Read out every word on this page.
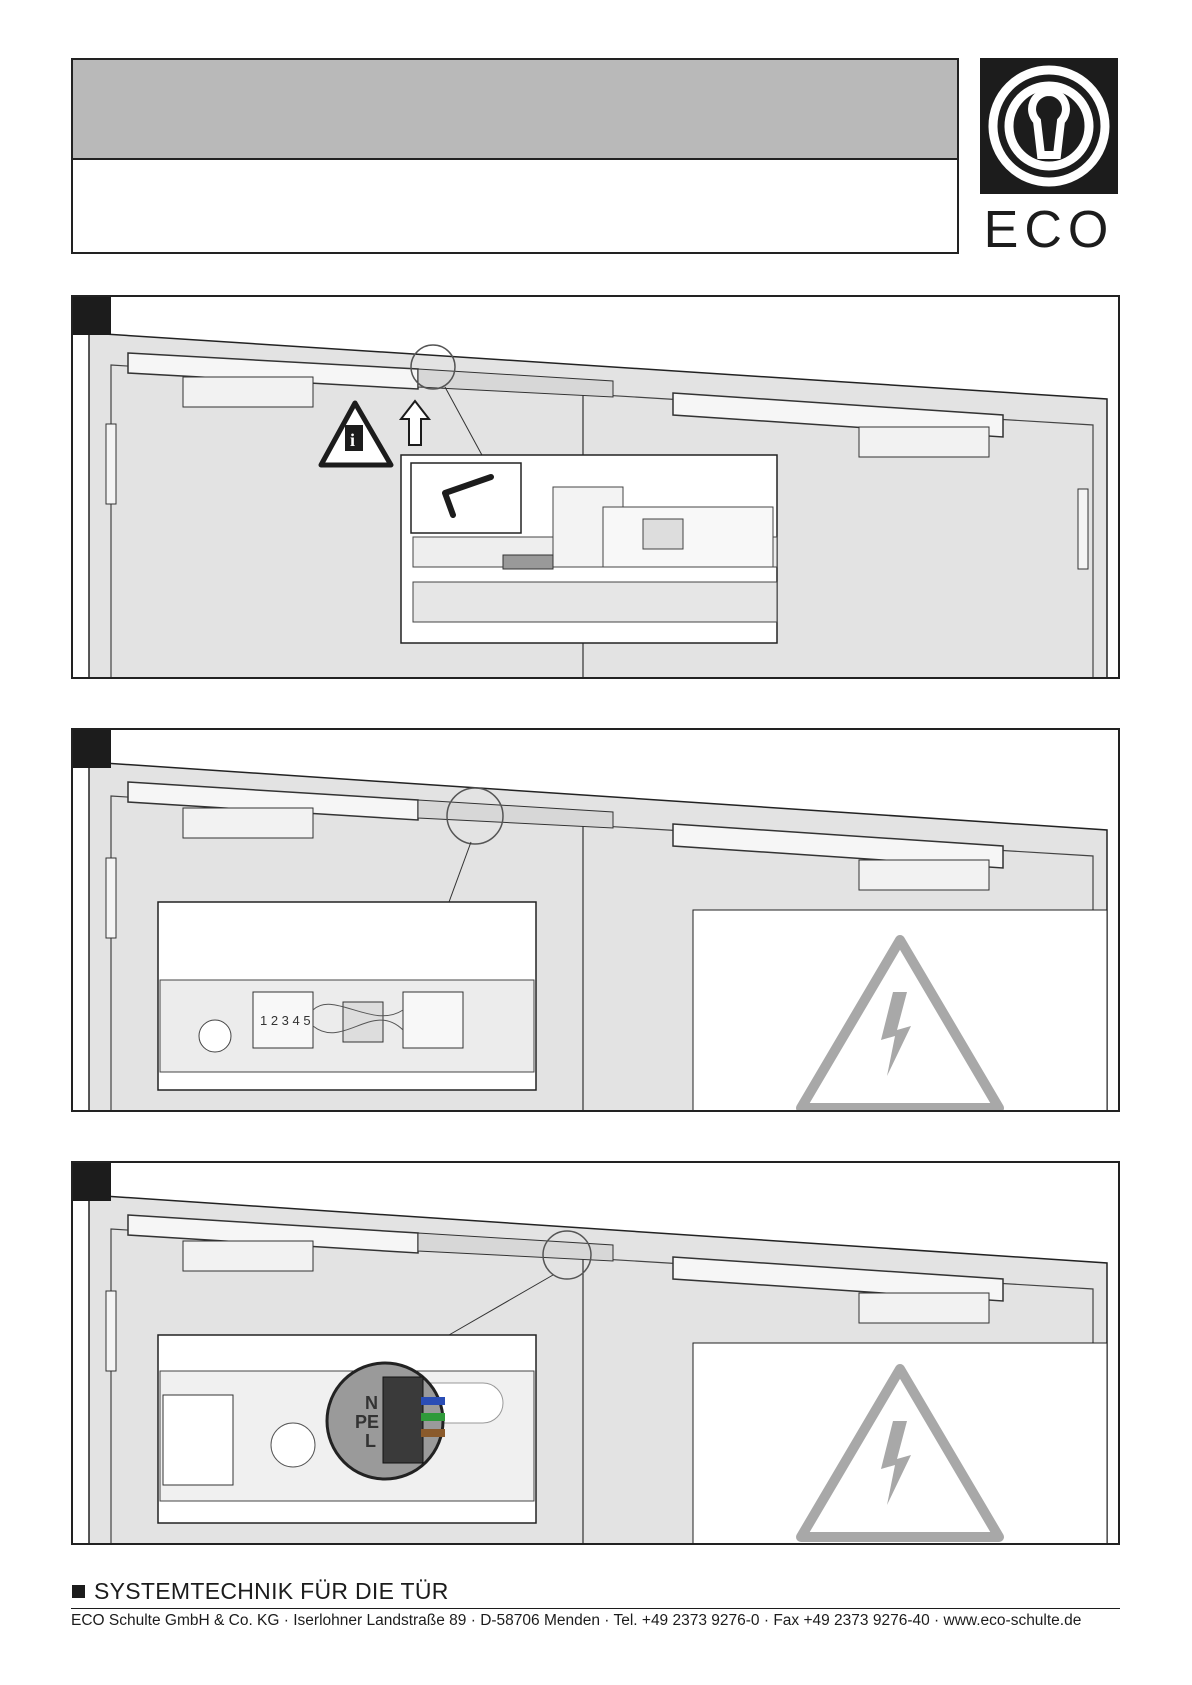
ECO
i
1 2 3 4 5
N
PE
L
SYSTEMTECHNIK FÜR DIE TÜR
ECO Schulte GmbH & Co. KG · Iserlohner Landstraße 89 · D-58706 Menden · Tel. +49 2373 9276-0 · Fax +49 2373 9276-40 · www.eco-schulte.de
